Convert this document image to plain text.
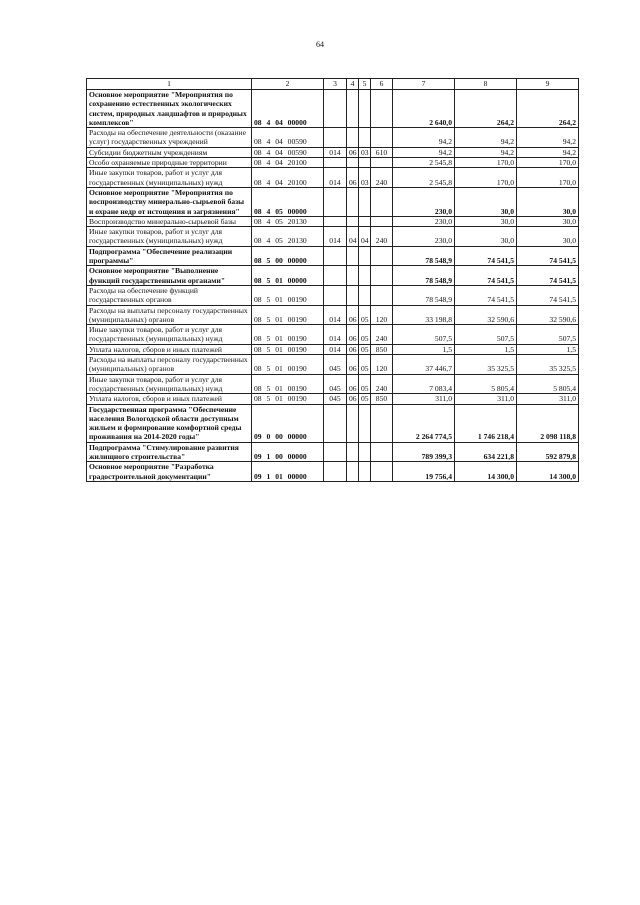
64
1	2	3	4	5	6	7	8	9
Основное мероприятие "Мероприятия по сохранению естественных экологических систем, природных ландшафтов и природных комплексов"	08 4 04 00000					2 640,0	264,2	264,2
Расходы на обеспечение деятельности (оказание услуг) государственных учреждений	08 4 04 00590					94,2	94,2	94,2
Субсидии бюджетным учреждениям	08 4 04 00590	014	06	03	610	94,2	94,2	94,2
Особо охраняемые природные территории	08 4 04 20100					2 545,8	170,0	170,0
Иные закупки товаров, работ и услуг для государственных (муниципальных) нужд	08 4 04 20100	014	06	03	240	2 545,8	170,0	170,0
Основное мероприятие "Мероприятия по воспроизводству минерально-сырьевой базы и охране недр от истощения и загрязнения"	08 4 05 00000					230,0	30,0	30,0
Воспроизводство минерально-сырьевой базы	08 4 05 20130					230,0	30,0	30,0
Иные закупки товаров, работ и услуг для государственных (муниципальных) нужд	08 4 05 20130	014	04	04	240	230,0	30,0	30,0
Подпрограмма "Обеспечение реализации программы"	08 5 00 00000					78 548,9	74 541,5	74 541,5
Основное мероприятие "Выполнение функций государственными органами"	08 5 01 00000					78 548,9	74 541,5	74 541,5
Расходы на обеспечение функций государственных органов	08 5 01 00190					78 548,9	74 541,5	74 541,5
Расходы на выплаты персоналу государственных (муниципальных) органов	08 5 01 00190	014	06	05	120	33 198,8	32 590,6	32 590,6
Иные закупки товаров, работ и услуг для государственных (муниципальных) нужд	08 5 01 00190	014	06	05	240	507,5	507,5	507,5
Уплата налогов, сборов и иных платежей	08 5 01 00190	014	06	05	850	1,5	1,5	1,5
Расходы на выплаты персоналу государственных (муниципальных) органов	08 5 01 00190	045	06	05	120	37 446,7	35 325,5	35 325,5
Иные закупки товаров, работ и услуг для государственных (муниципальных) нужд	08 5 01 00190	045	06	05	240	7 083,4	5 805,4	5 805,4
Уплата налогов, сборов и иных платежей	08 5 01 00190	045	06	05	850	311,0	311,0	311,0
Государственная программа "Обеспечение населения Вологодской области доступным жильем и формирование комфортной среды проживания на 2014-2020 годы"	09 0 00 00000					2 264 774,5	1 746 218,4	2 098 118,8
Подпрограмма "Стимулирование развития жилищного строительства"	09 1 00 00000					789 399,3	634 221,8	592 879,8
Основное мероприятие "Разработка градостроительной документации"	09 1 01 00000					19 756,4	14 300,0	14 300,0
